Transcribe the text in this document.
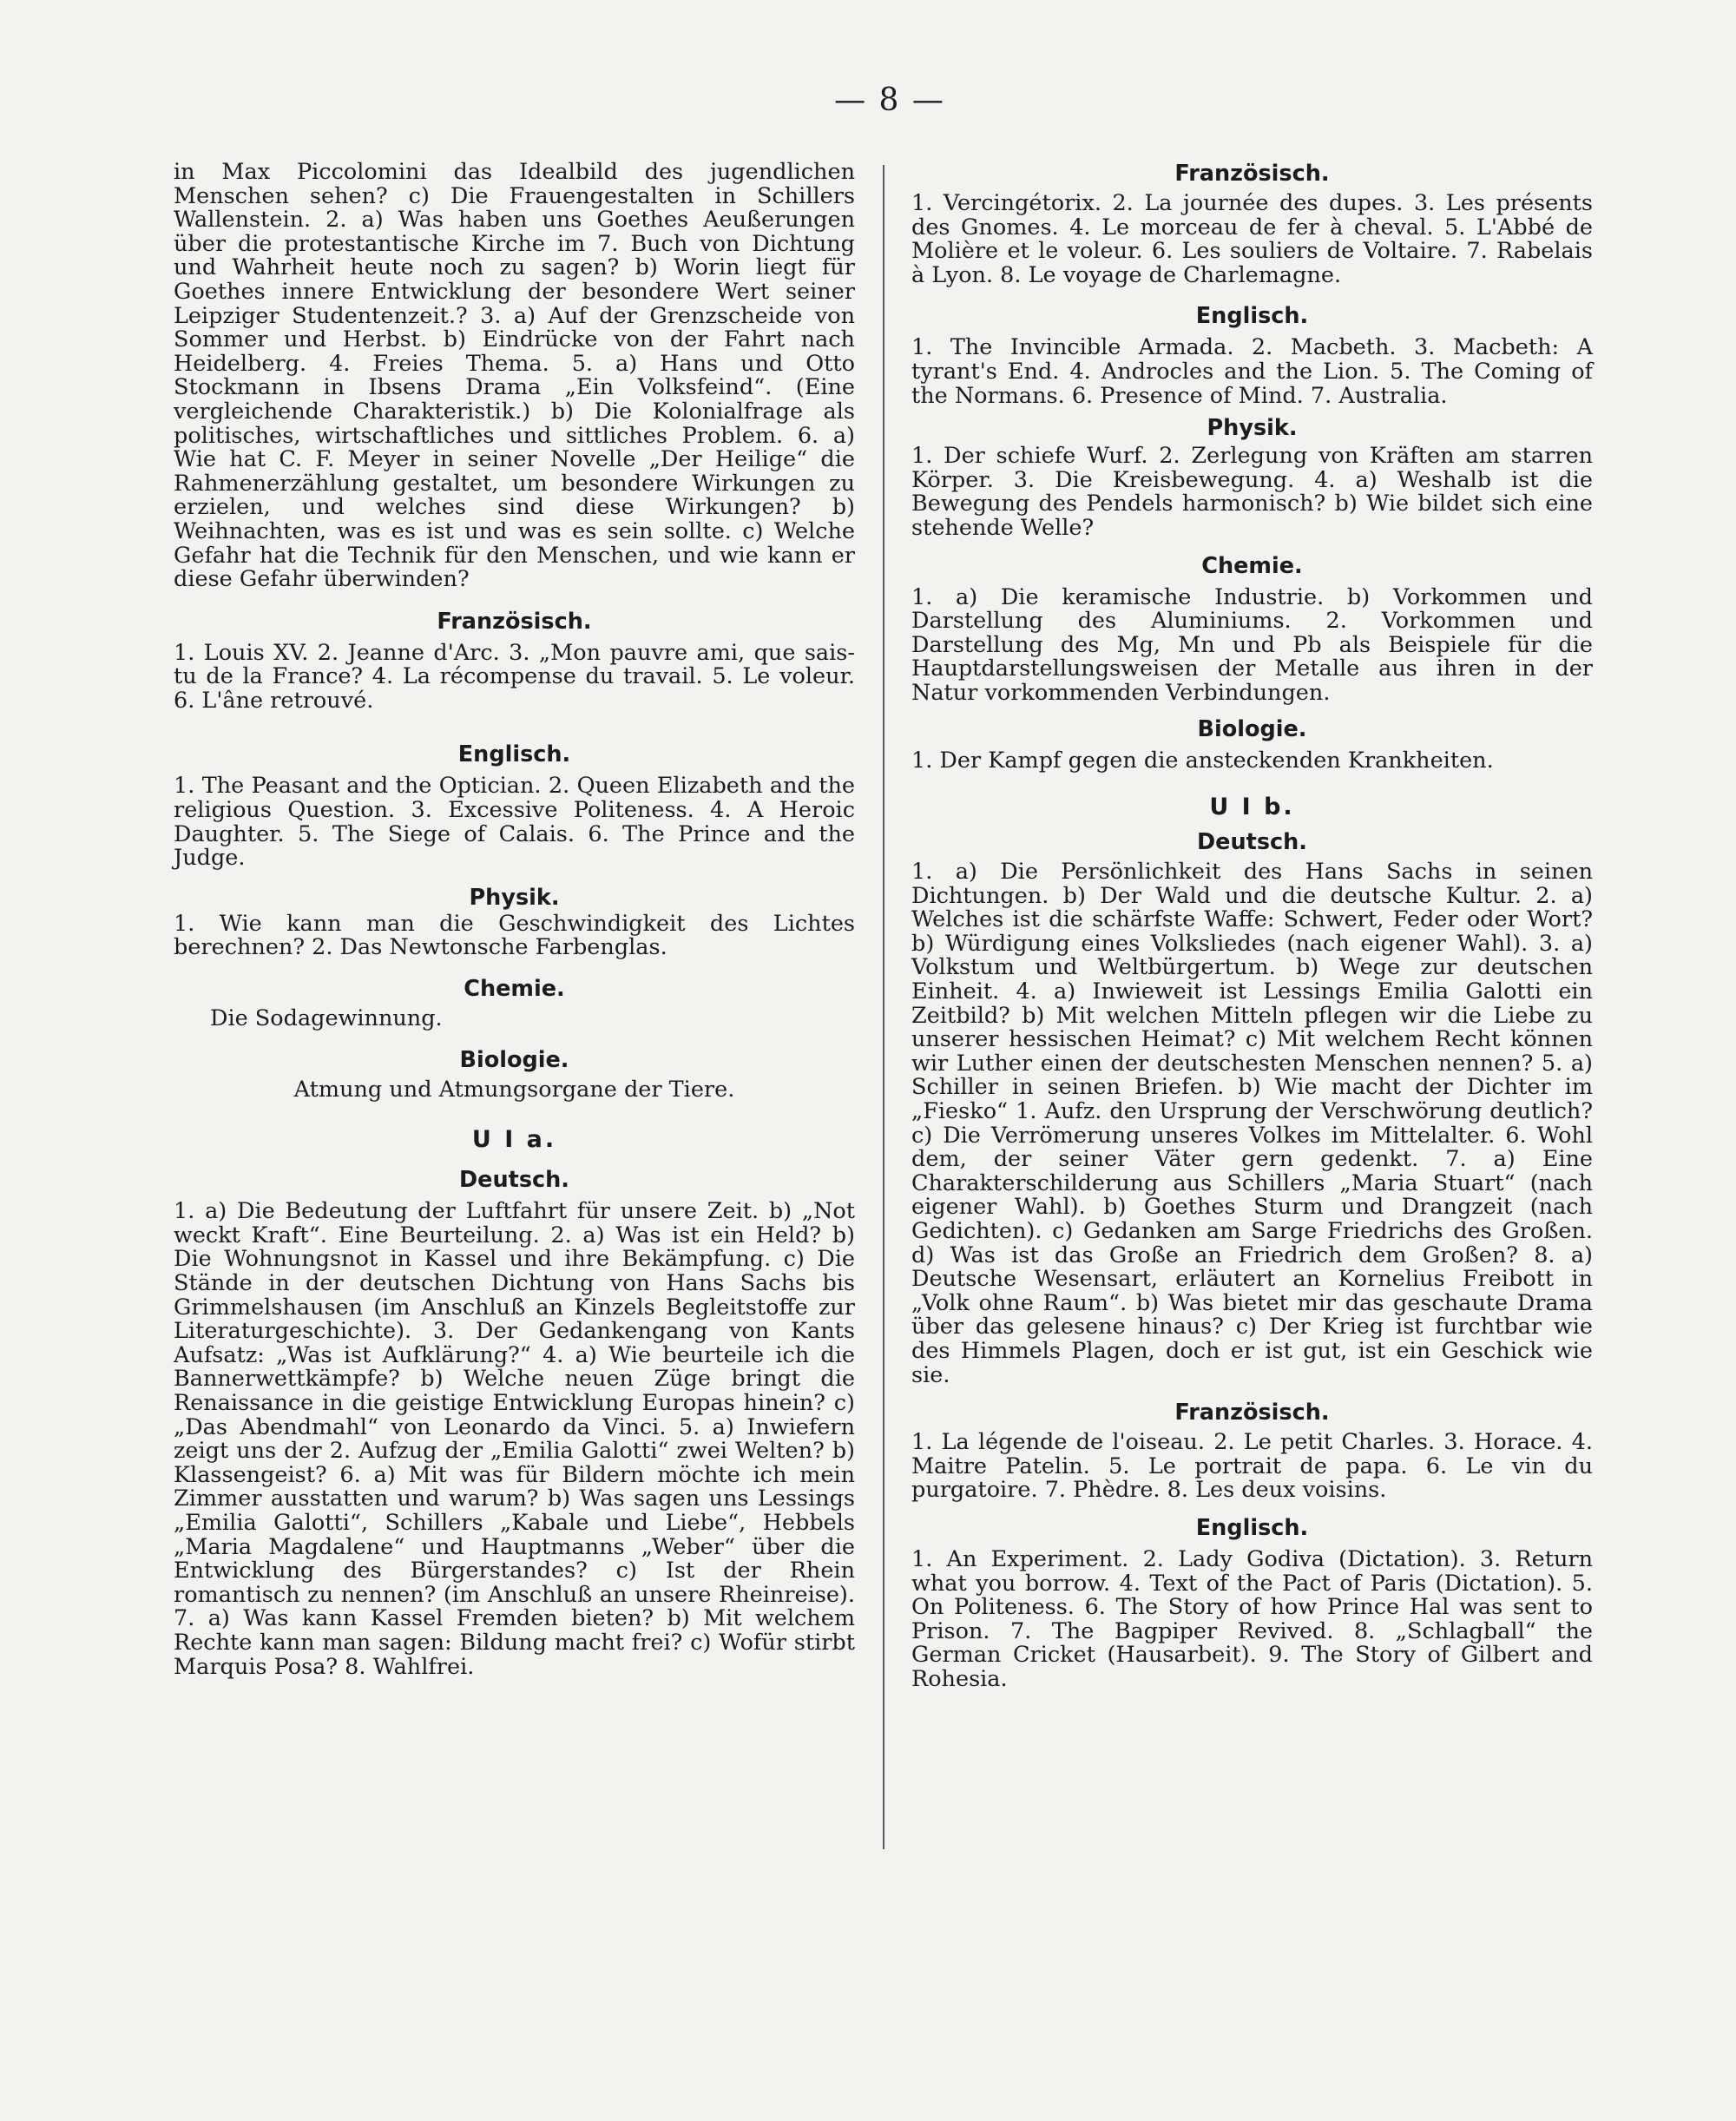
— 8 —

in Max Piccolomini das Idealbild des jugendlichen Menschen sehen? c) Die Frauengestalten in Schillers Wallenstein. 2. a) Was haben uns Goethes Aeußerungen über die protestantische Kirche im 7. Buch von Dichtung und Wahrheit heute noch zu sagen? b) Worin liegt für Goethes innere Entwicklung der besondere Wert seiner Leipziger Studentenzeit.? 3. a) Auf der Grenzscheide von Sommer und Herbst. b) Eindrücke von der Fahrt nach Heidelberg. 4. Freies Thema. 5. a) Hans und Otto Stockmann in Ibsens Drama „Ein Volksfeind“. (Eine vergleichende Charakteristik.) b) Die Kolonialfrage als politisches, wirtschaftliches und sittliches Problem. 6. a) Wie hat C. F. Meyer in seiner Novelle „Der Heilige“ die Rahmenerzählung gestaltet, um besondere Wirkungen zu erzielen, und welches sind diese Wirkungen? b) Weihnachten, was es ist und was es sein sollte. c) Welche Gefahr hat die Technik für den Menschen, und wie kann er diese Gefahr überwinden?

Französisch.

1. Louis XV. 2. Jeanne d'Arc. 3. „Mon pauvre ami, que sais-tu de la France? 4. La récompense du travail. 5. Le voleur. 6. L'âne retrouvé.

Englisch.

1. The Peasant and the Optician. 2. Queen Elizabeth and the religious Question. 3. Excessive Politeness. 4. A Heroic Daughter. 5. The Siege of Calais. 6. The Prince and the Judge.

Physik.

1. Wie kann man die Geschwindigkeit des Lichtes berechnen? 2. Das Newtonsche Farbenglas.

Chemie.

Die Sodagewinnung.

Biologie.

Atmung und Atmungsorgane der Tiere.

U I a.
Deutsch.

1. a) Die Bedeutung der Luftfahrt für unsere Zeit. b) „Not weckt Kraft“. Eine Beurteilung. 2. a) Was ist ein Held? b) Die Wohnungsnot in Kassel und ihre Bekämpfung. c) Die Stände in der deutschen Dichtung von Hans Sachs bis Grimmelshausen (im Anschluß an Kinzels Begleitstoffe zur Literaturgeschichte). 3. Der Gedankengang von Kants Aufsatz: „Was ist Aufklärung?“ 4. a) Wie beurteile ich die Bannerwettkämpfe? b) Welche neuen Züge bringt die Renaissance in die geistige Entwicklung Europas hinein? c) „Das Abendmahl“ von Leonardo da Vinci. 5. a) Inwiefern zeigt uns der 2. Aufzug der „Emilia Galotti“ zwei Welten? b) Klassengeist? 6. a) Mit was für Bildern möchte ich mein Zimmer ausstatten und warum? b) Was sagen uns Lessings „Emilia Galotti“, Schillers „Kabale und Liebe“, Hebbels „Maria Magdalene“ und Hauptmanns „Weber“ über die Entwicklung des Bürgerstandes? c) Ist der Rhein romantisch zu nennen? (im Anschluß an unsere Rheinreise). 7. a) Was kann Kassel Fremden bieten? b) Mit welchem Rechte kann man sagen: Bildung macht frei? c) Wofür stirbt Marquis Posa? 8. Wahlfrei.

Französisch.

1. Vercingétorix. 2. La journée des dupes. 3. Les présents des Gnomes. 4. Le morceau de fer à cheval. 5. L'Abbé de Molière et le voleur. 6. Les souliers de Voltaire. 7. Rabelais à Lyon. 8. Le voyage de Charlemagne.

Englisch.

1. The Invincible Armada. 2. Macbeth. 3. Macbeth: A tyrant's End. 4. Androcles and the Lion. 5. The Coming of the Normans. 6. Presence of Mind. 7. Australia.

Physik.

1. Der schiefe Wurf. 2. Zerlegung von Kräften am starren Körper. 3. Die Kreisbewegung. 4. a) Weshalb ist die Bewegung des Pendels harmonisch? b) Wie bildet sich eine stehende Welle?

Chemie.

1. a) Die keramische Industrie. b) Vorkommen und Darstellung des Aluminiums. 2. Vorkommen und Darstellung des Mg, Mn und Pb als Beispiele für die Hauptdarstellungsweisen der Metalle aus ihren in der Natur vorkommenden Verbindungen.

Biologie.

1. Der Kampf gegen die ansteckenden Krankheiten.

U I b.
Deutsch.

1. a) Die Persönlichkeit des Hans Sachs in seinen Dichtungen. b) Der Wald und die deutsche Kultur. 2. a) Welches ist die schärfste Waffe: Schwert, Feder oder Wort? b) Würdigung eines Volksliedes (nach eigener Wahl). 3. a) Volkstum und Weltbürgertum. b) Wege zur deutschen Einheit. 4. a) Inwieweit ist Lessings Emilia Galotti ein Zeitbild? b) Mit welchen Mitteln pflegen wir die Liebe zu unserer hessischen Heimat? c) Mit welchem Recht können wir Luther einen der deutschesten Menschen nennen? 5. a) Schiller in seinen Briefen. b) Wie macht der Dichter im „Fiesko“ 1. Aufz. den Ursprung der Verschwörung deutlich? c) Die Verrömerung unseres Volkes im Mittelalter. 6. Wohl dem, der seiner Väter gern gedenkt. 7. a) Eine Charakterschilderung aus Schillers „Maria Stuart“ (nach eigener Wahl). b) Goethes Sturm und Drangzeit (nach Gedichten). c) Gedanken am Sarge Friedrichs des Großen. d) Was ist das Große an Friedrich dem Großen? 8. a) Deutsche Wesensart, erläutert an Kornelius Freibott in „Volk ohne Raum“. b) Was bietet mir das geschaute Drama über das gelesene hinaus? c) Der Krieg ist furchtbar wie des Himmels Plagen, doch er ist gut, ist ein Geschick wie sie.

Französisch.

1. La légende de l'oiseau. 2. Le petit Charles. 3. Horace. 4. Maitre Patelin. 5. Le portrait de papa. 6. Le vin du purgatoire. 7. Phèdre. 8. Les deux voisins.

Englisch.

1. An Experiment. 2. Lady Godiva (Dictation). 3. Return what you borrow. 4. Text of the Pact of Paris (Dictation). 5. On Politeness. 6. The Story of how Prince Hal was sent to Prison. 7. The Bagpiper Revived. 8. „Schlagball“ the German Cricket (Hausarbeit). 9. The Story of Gilbert and Rohesia.
